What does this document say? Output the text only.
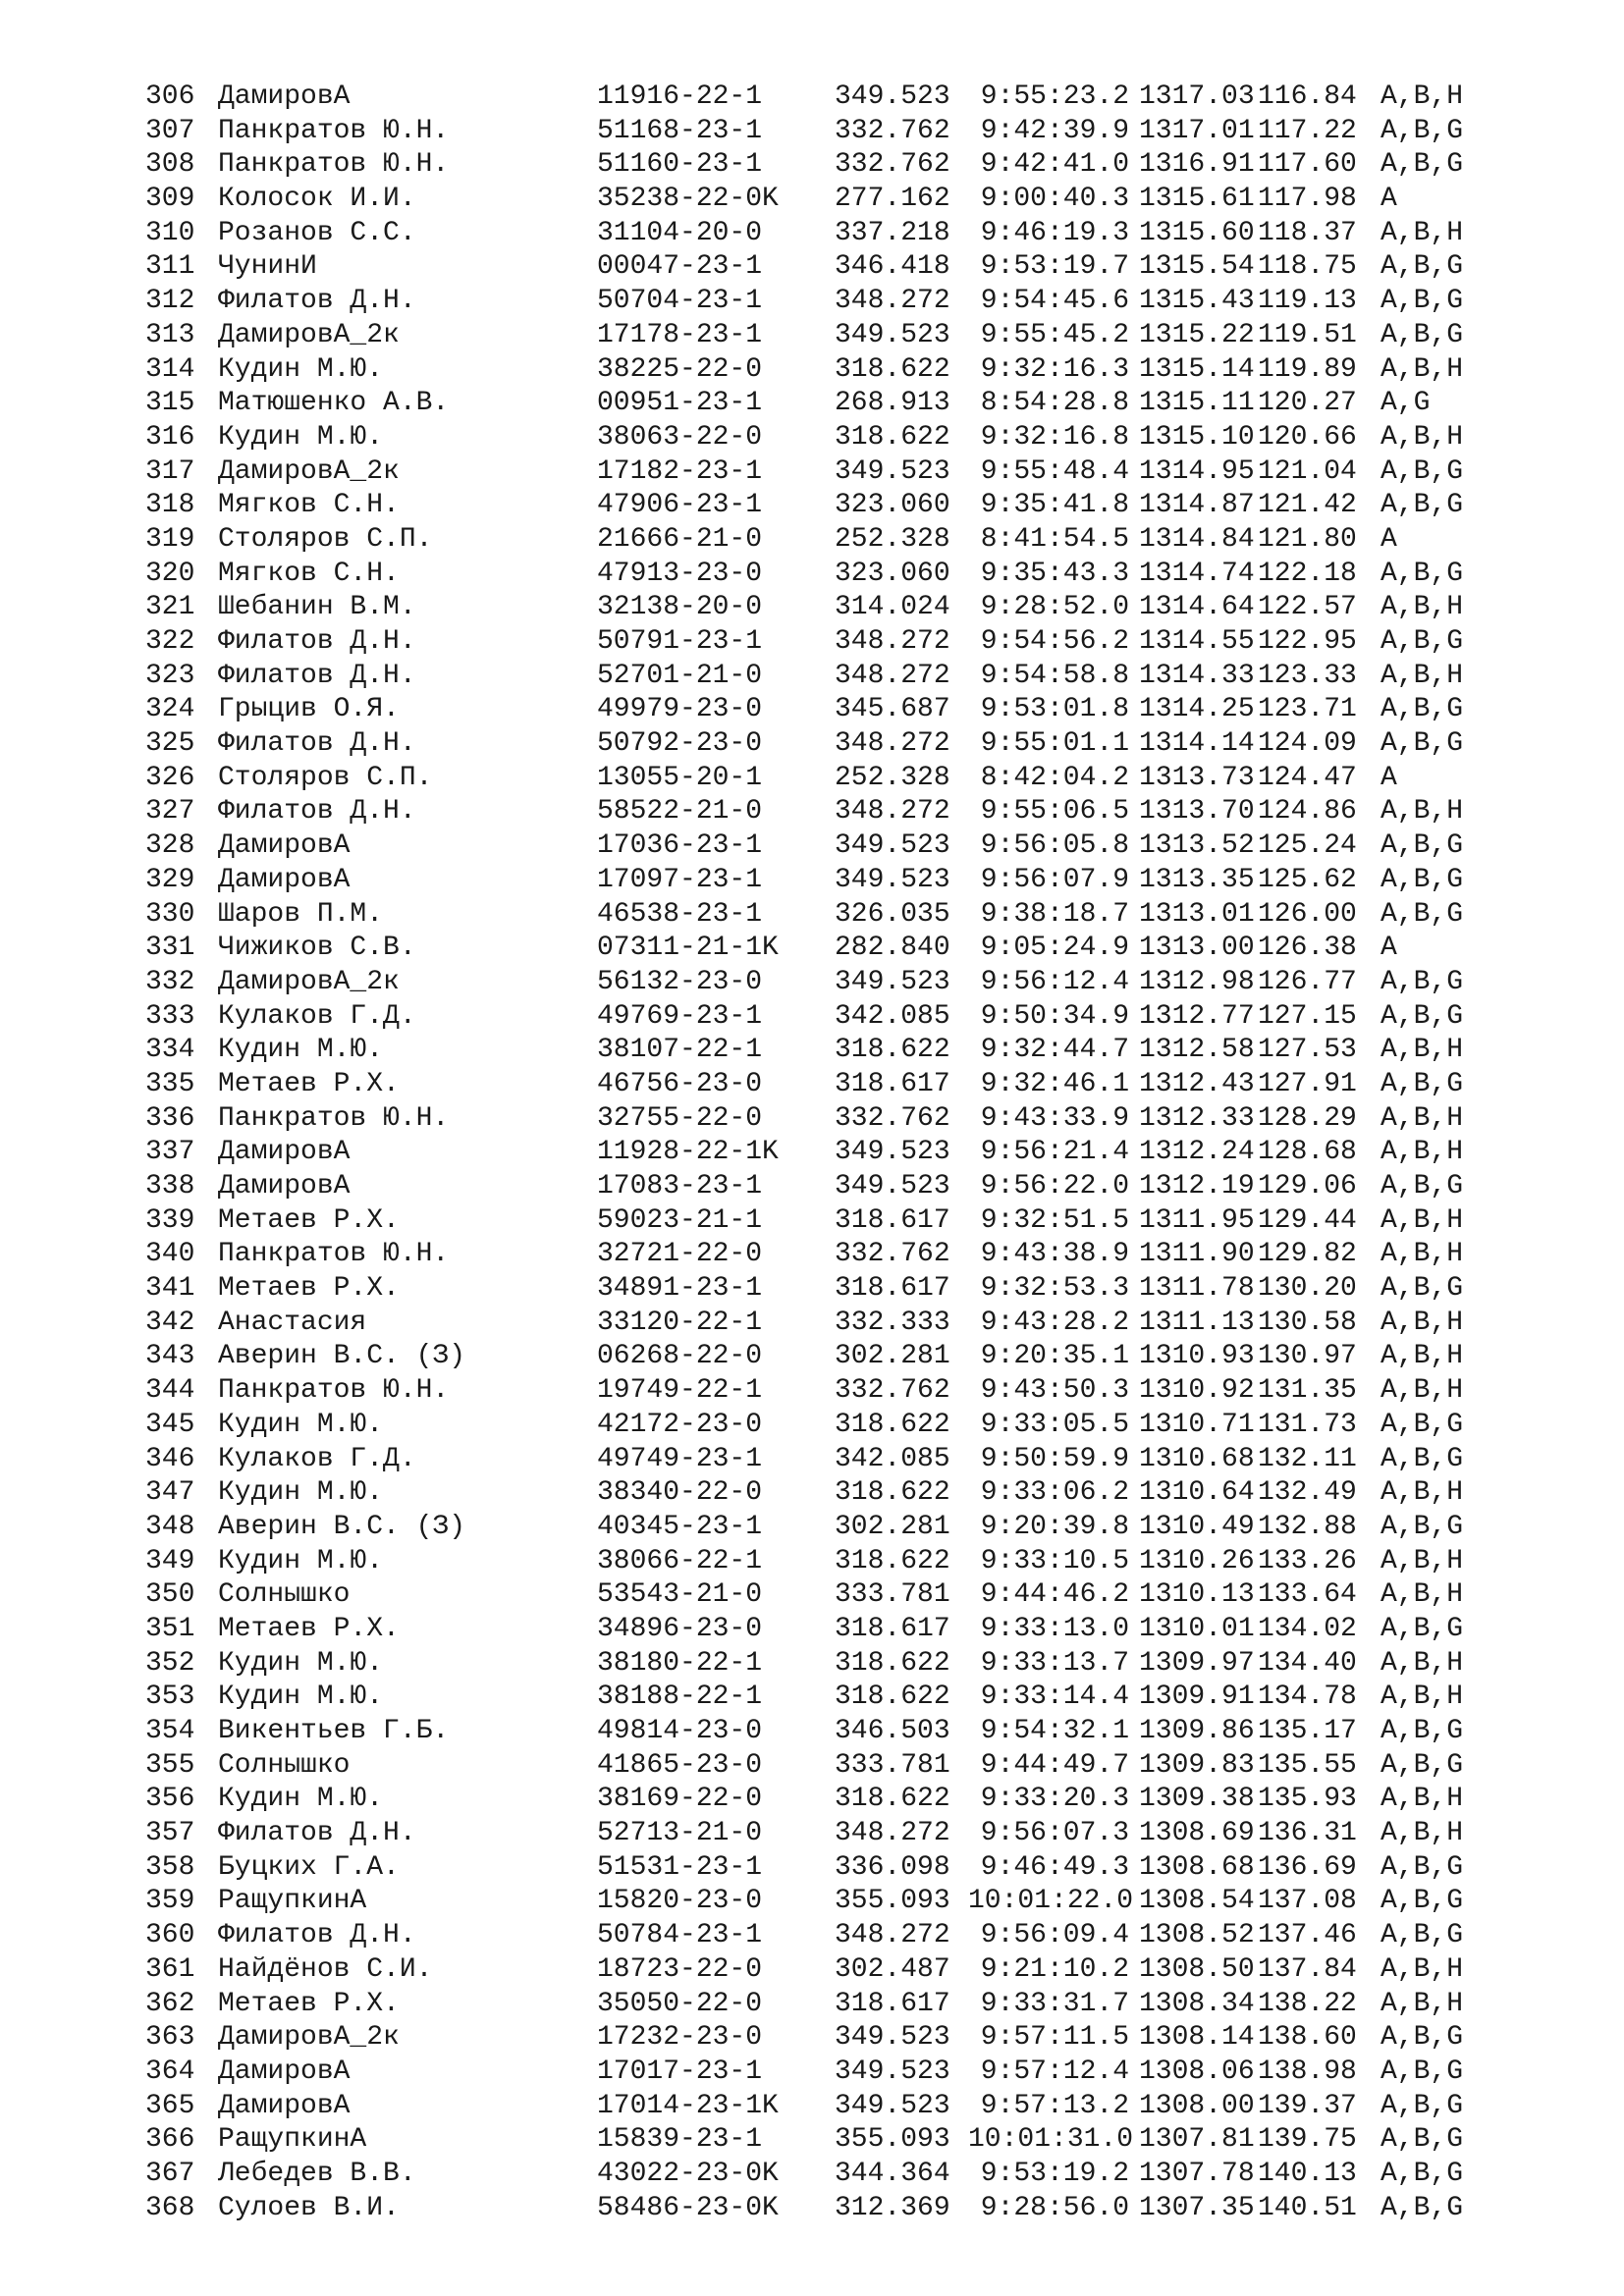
306 ДамировА	11916-22-1	349.523	9:55:23.2 1317.03 116.84 A,B,H
307 Панкратов Ю.Н.	51168-23-1	332.762	9:42:39.9 1317.01 117.22 A,B,G
308 Панкратов Ю.Н.	51160-23-1	332.762	9:42:41.0 1316.91 117.60 A,B,G
309 Колосок И.И.	35238-22-0K 277.162	9:00:40.3 1315.61 117.98 A
310 Розанов С.С.	31104-20-0	337.218	9:46:19.3 1315.60 118.37 A,B,H
311 ЧунинИ	00047-23-1	346.418	9:53:19.7 1315.54 118.75 A,B,G
312 Филатов Д.Н.	50704-23-1	348.272	9:54:45.6 1315.43 119.13 A,B,G
313 ДамировА_2к	17178-23-1	349.523	9:55:45.2 1315.22 119.51 A,B,G
314 Кудин М.Ю.	38225-22-0	318.622	9:32:16.3 1315.14 119.89 A,B,H
315 Матюшенко А.В.	00951-23-1	268.913	8:54:28.8 1315.11 120.27 A,G
316 Кудин М.Ю.	38063-22-0	318.622	9:32:16.8 1315.10 120.66 A,B,H
317 ДамировА_2к	17182-23-1	349.523	9:55:48.4 1314.95 121.04 A,B,G
318 Мягков С.Н.	47906-23-1	323.060	9:35:41.8 1314.87 121.42 A,B,G
319 Столяров С.П.	21666-21-0	252.328	8:41:54.5 1314.84 121.80 A
320 Мягков С.Н.	47913-23-0	323.060	9:35:43.3 1314.74 122.18 A,B,G
321 Шебанин В.М.	32138-20-0	314.024	9:28:52.0 1314.64 122.57 A,B,H
322 Филатов Д.Н.	50791-23-1	348.272	9:54:56.2 1314.55 122.95 A,B,G
323 Филатов Д.Н.	52701-21-0	348.272	9:54:58.8 1314.33 123.33 A,B,H
324 Грыцив О.Я.	49979-23-0	345.687	9:53:01.8 1314.25 123.71 A,B,G
325 Филатов Д.Н.	50792-23-0	348.272	9:55:01.1 1314.14 124.09 A,B,G
326 Столяров С.П.	13055-20-1	252.328	8:42:04.2 1313.73 124.47 A
327 Филатов Д.Н.	58522-21-0	348.272	9:55:06.5 1313.70 124.86 A,B,H
328 ДамировА	17036-23-1	349.523	9:56:05.8 1313.52 125.24 A,B,G
329 ДамировА	17097-23-1	349.523	9:56:07.9 1313.35 125.62 A,B,G
330 Шаров П.М.	46538-23-1	326.035	9:38:18.7 1313.01 126.00 A,B,G
331 Чижиков С.В.	07311-21-1K 282.840	9:05:24.9 1313.00 126.38 A
332 ДамировА_2к	56132-23-0	349.523	9:56:12.4 1312.98 126.77 A,B,G
333 Кулаков Г.Д.	49769-23-1	342.085	9:50:34.9 1312.77 127.15 A,B,G
334 Кудин М.Ю.	38107-22-1	318.622	9:32:44.7 1312.58 127.53 A,B,H
335 Метаев Р.Х.	46756-23-0	318.617	9:32:46.1 1312.43 127.91 A,B,G
336 Панкратов Ю.Н.	32755-22-0	332.762	9:43:33.9 1312.33 128.29 A,B,H
337 ДамировА	11928-22-1K 349.523	9:56:21.4 1312.24 128.68 A,B,H
338 ДамировА	17083-23-1	349.523	9:56:22.0 1312.19 129.06 A,B,G
339 Метаев Р.Х.	59023-21-1	318.617	9:32:51.5 1311.95 129.44 A,B,H
340 Панкратов Ю.Н.	32721-22-0	332.762	9:43:38.9 1311.90 129.82 A,B,H
341 Метаев Р.Х.	34891-23-1	318.617	9:32:53.3 1311.78 130.20 A,B,G
342 Анастасия	33120-22-1	332.333	9:43:28.2 1311.13 130.58 A,B,H
343 Аверин В.С. (З)	06268-22-0	302.281	9:20:35.1 1310.93 130.97 A,B,H
344 Панкратов Ю.Н.	19749-22-1	332.762	9:43:50.3 1310.92 131.35 A,B,H
345 Кудин М.Ю.	42172-23-0	318.622	9:33:05.5 1310.71 131.73 A,B,G
346 Кулаков Г.Д.	49749-23-1	342.085	9:50:59.9 1310.68 132.11 A,B,G
347 Кудин М.Ю.	38340-22-0	318.622	9:33:06.2 1310.64 132.49 A,B,H
348 Аверин В.С. (З)	40345-23-1	302.281	9:20:39.8 1310.49 132.88 A,B,G
349 Кудин М.Ю.	38066-22-1	318.622	9:33:10.5 1310.26 133.26 A,B,H
350 Солнышко	53543-21-0	333.781	9:44:46.2 1310.13 133.64 A,B,H
351 Метаев Р.Х.	34896-23-0	318.617	9:33:13.0 1310.01 134.02 A,B,G
352 Кудин М.Ю.	38180-22-1	318.622	9:33:13.7 1309.97 134.40 A,B,H
353 Кудин М.Ю.	38188-22-1	318.622	9:33:14.4 1309.91 134.78 A,B,H
354 Викентьев Г.Б.	49814-23-0	346.503	9:54:32.1 1309.86 135.17 A,B,G
355 Солнышко	41865-23-0	333.781	9:44:49.7 1309.83 135.55 A,B,G
356 Кудин М.Ю.	38169-22-0	318.622	9:33:20.3 1309.38 135.93 A,B,H
357 Филатов Д.Н.	52713-21-0	348.272	9:56:07.3 1308.69 136.31 A,B,H
358 Буцких Г.А.	51531-23-1	336.098	9:46:49.3 1308.68 136.69 A,B,G
359 РащупкинА	15820-23-0	355.093 10:01:22.0 1308.54 137.08 A,B,G
360 Филатов Д.Н.	50784-23-1	348.272	9:56:09.4 1308.52 137.46 A,B,G
361 Найдёнов С.И.	18723-22-0	302.487	9:21:10.2 1308.50 137.84 A,B,H
362 Метаев Р.Х.	35050-22-0	318.617	9:33:31.7 1308.34 138.22 A,B,H
363 ДамировА_2к	17232-23-0	349.523	9:57:11.5 1308.14 138.60 A,B,G
364 ДамировА	17017-23-1	349.523	9:57:12.4 1308.06 138.98 A,B,G
365 ДамировА	17014-23-1K 349.523	9:57:13.2 1308.00 139.37 A,B,G
366 РащупкинА	15839-23-1	355.093 10:01:31.0 1307.81 139.75 A,B,G
367 Лебедев В.В.	43022-23-0K 344.364	9:53:19.2 1307.78 140.13 A,B,G
368 Сулоев В.И.	58486-23-0K 312.369	9:28:56.0 1307.35 140.51 A,B,G
